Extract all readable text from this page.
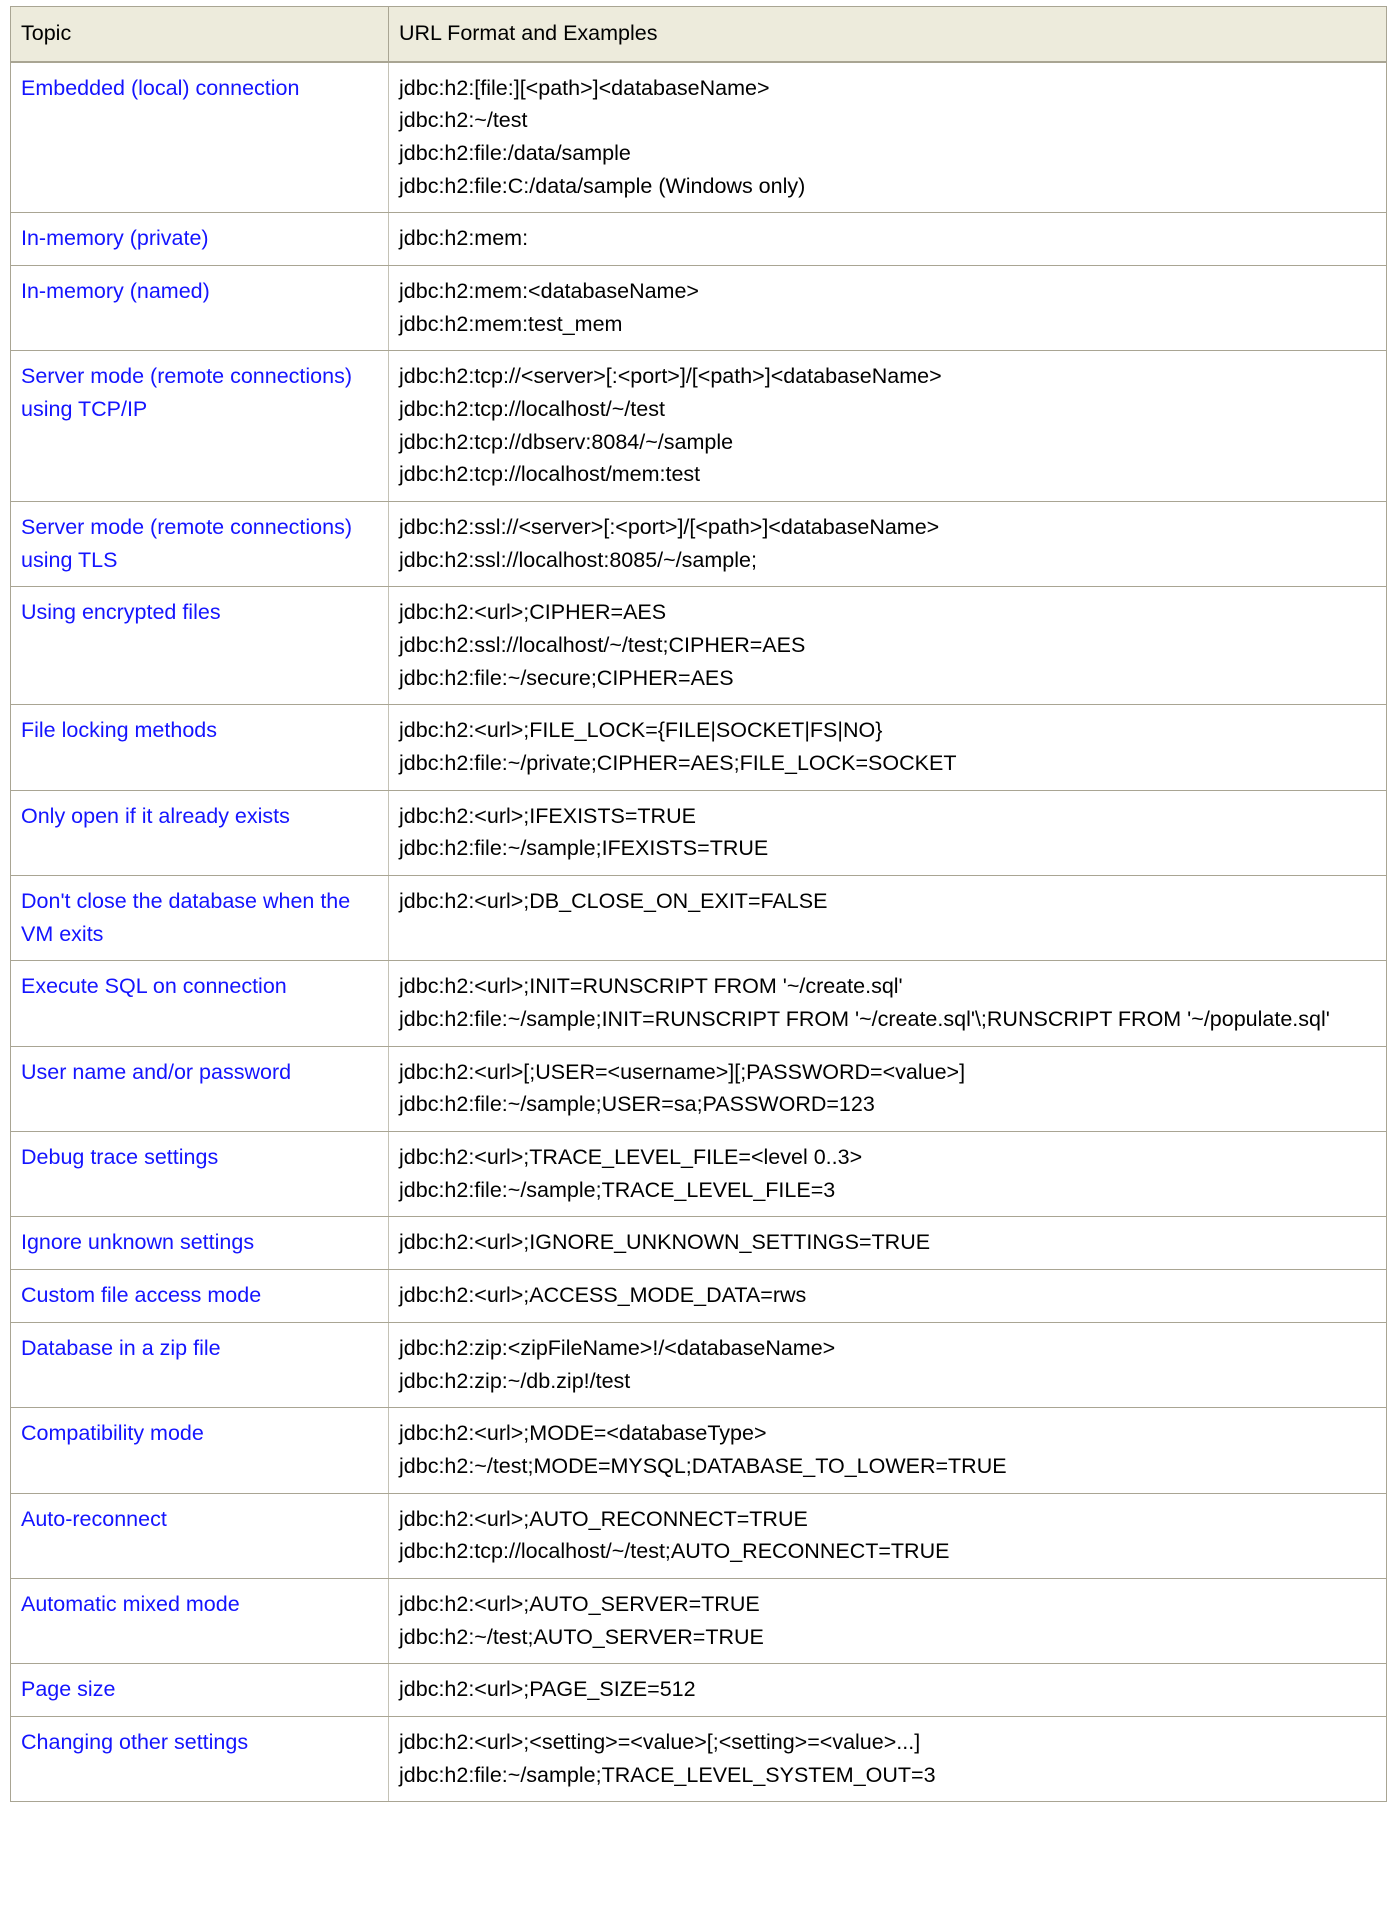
Topic	URL Format and Examples

Embedded (local) connection	jdbc:h2:[file:][<path>]<databaseName>
jdbc:h2:~/test
jdbc:h2:file:/data/sample
jdbc:h2:file:C:/data/sample (Windows only)

In-memory (private)	jdbc:h2:mem:

In-memory (named)	jdbc:h2:mem:<databaseName>
jdbc:h2:mem:test_mem

Server mode (remote connections) using TCP/IP	jdbc:h2:tcp://<server>[:<port>]/[<path>]<databaseName>
jdbc:h2:tcp://localhost/~/test
jdbc:h2:tcp://dbserv:8084/~/sample
jdbc:h2:tcp://localhost/mem:test

Server mode (remote connections) using TLS	jdbc:h2:ssl://<server>[:<port>]/[<path>]<databaseName>
jdbc:h2:ssl://localhost:8085/~/sample;

Using encrypted files	jdbc:h2:<url>;CIPHER=AES
jdbc:h2:ssl://localhost/~/test;CIPHER=AES
jdbc:h2:file:~/secure;CIPHER=AES

File locking methods	jdbc:h2:<url>;FILE_LOCK={FILE|SOCKET|FS|NO}
jdbc:h2:file:~/private;CIPHER=AES;FILE_LOCK=SOCKET

Only open if it already exists	jdbc:h2:<url>;IFEXISTS=TRUE
jdbc:h2:file:~/sample;IFEXISTS=TRUE

Don't close the database when the VM exits	jdbc:h2:<url>;DB_CLOSE_ON_EXIT=FALSE

Execute SQL on connection	jdbc:h2:<url>;INIT=RUNSCRIPT FROM '~/create.sql'
jdbc:h2:file:~/sample;INIT=RUNSCRIPT FROM '~/create.sql'\;RUNSCRIPT FROM '~/populate.sql'

User name and/or password	jdbc:h2:<url>[;USER=<username>][;PASSWORD=<value>]
jdbc:h2:file:~/sample;USER=sa;PASSWORD=123

Debug trace settings	jdbc:h2:<url>;TRACE_LEVEL_FILE=<level 0..3>
jdbc:h2:file:~/sample;TRACE_LEVEL_FILE=3

Ignore unknown settings	jdbc:h2:<url>;IGNORE_UNKNOWN_SETTINGS=TRUE

Custom file access mode	jdbc:h2:<url>;ACCESS_MODE_DATA=rws

Database in a zip file	jdbc:h2:zip:<zipFileName>!/<databaseName>
jdbc:h2:zip:~/db.zip!/test

Compatibility mode	jdbc:h2:<url>;MODE=<databaseType>
jdbc:h2:~/test;MODE=MYSQL;DATABASE_TO_LOWER=TRUE

Auto-reconnect	jdbc:h2:<url>;AUTO_RECONNECT=TRUE
jdbc:h2:tcp://localhost/~/test;AUTO_RECONNECT=TRUE

Automatic mixed mode	jdbc:h2:<url>;AUTO_SERVER=TRUE
jdbc:h2:~/test;AUTO_SERVER=TRUE

Page size	jdbc:h2:<url>;PAGE_SIZE=512

Changing other settings	jdbc:h2:<url>;<setting>=<value>[;<setting>=<value>...]
jdbc:h2:file:~/sample;TRACE_LEVEL_SYSTEM_OUT=3
